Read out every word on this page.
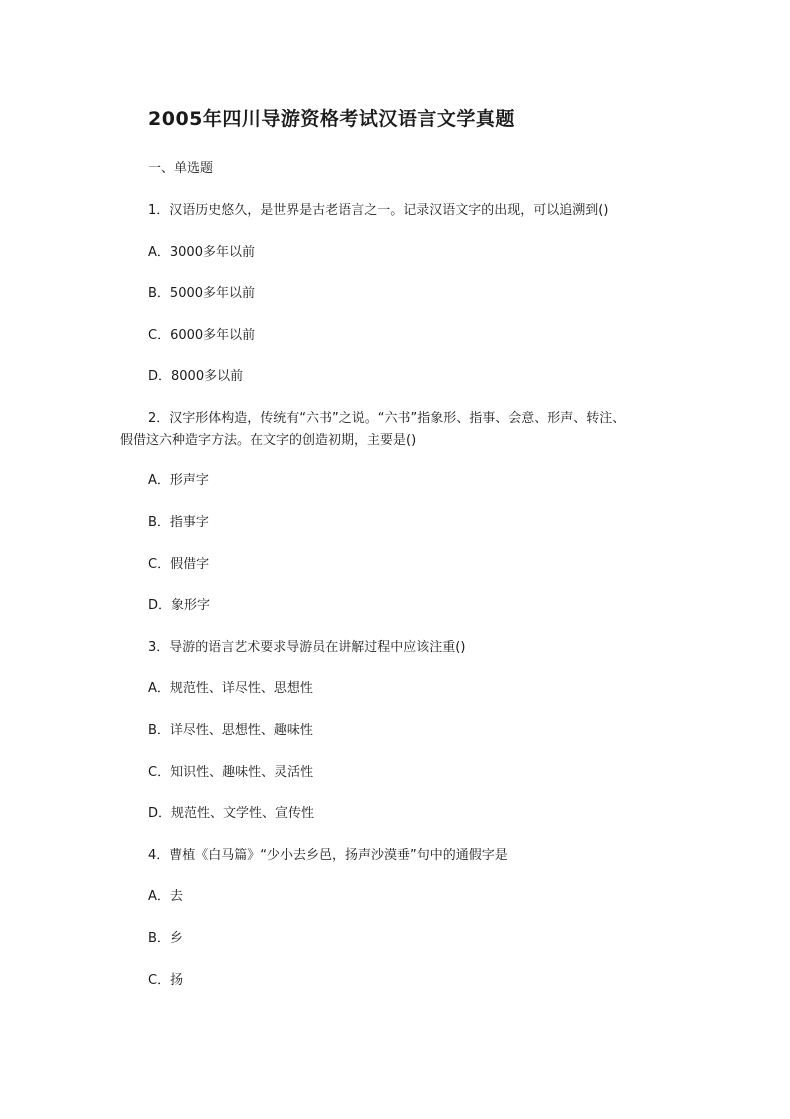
2005年四川导游资格考试汉语言文学真题
一、单选题
1．汉语历史悠久，是世界是古老语言之一。记录汉语文字的出现，可以追溯到()
A．3000多年以前
B．5000多年以前
C．6000多年以前
D．8000多以前
2．汉字形体构造，传统有“六书”之说。“六书”指象形、指事、会意、形声、转注、
假借这六种造字方法。在文字的创造初期，主要是()
A．形声字
B．指事字
C．假借字
D．象形字
3．导游的语言艺术要求导游员在讲解过程中应该注重()
A．规范性、详尽性、思想性
B．详尽性、思想性、趣味性
C．知识性、趣味性、灵活性
D．规范性、文学性、宣传性
4．曹植《白马篇》“少小去乡邑，扬声沙漠垂”句中的通假字是
A．去
B．乡
C．扬
